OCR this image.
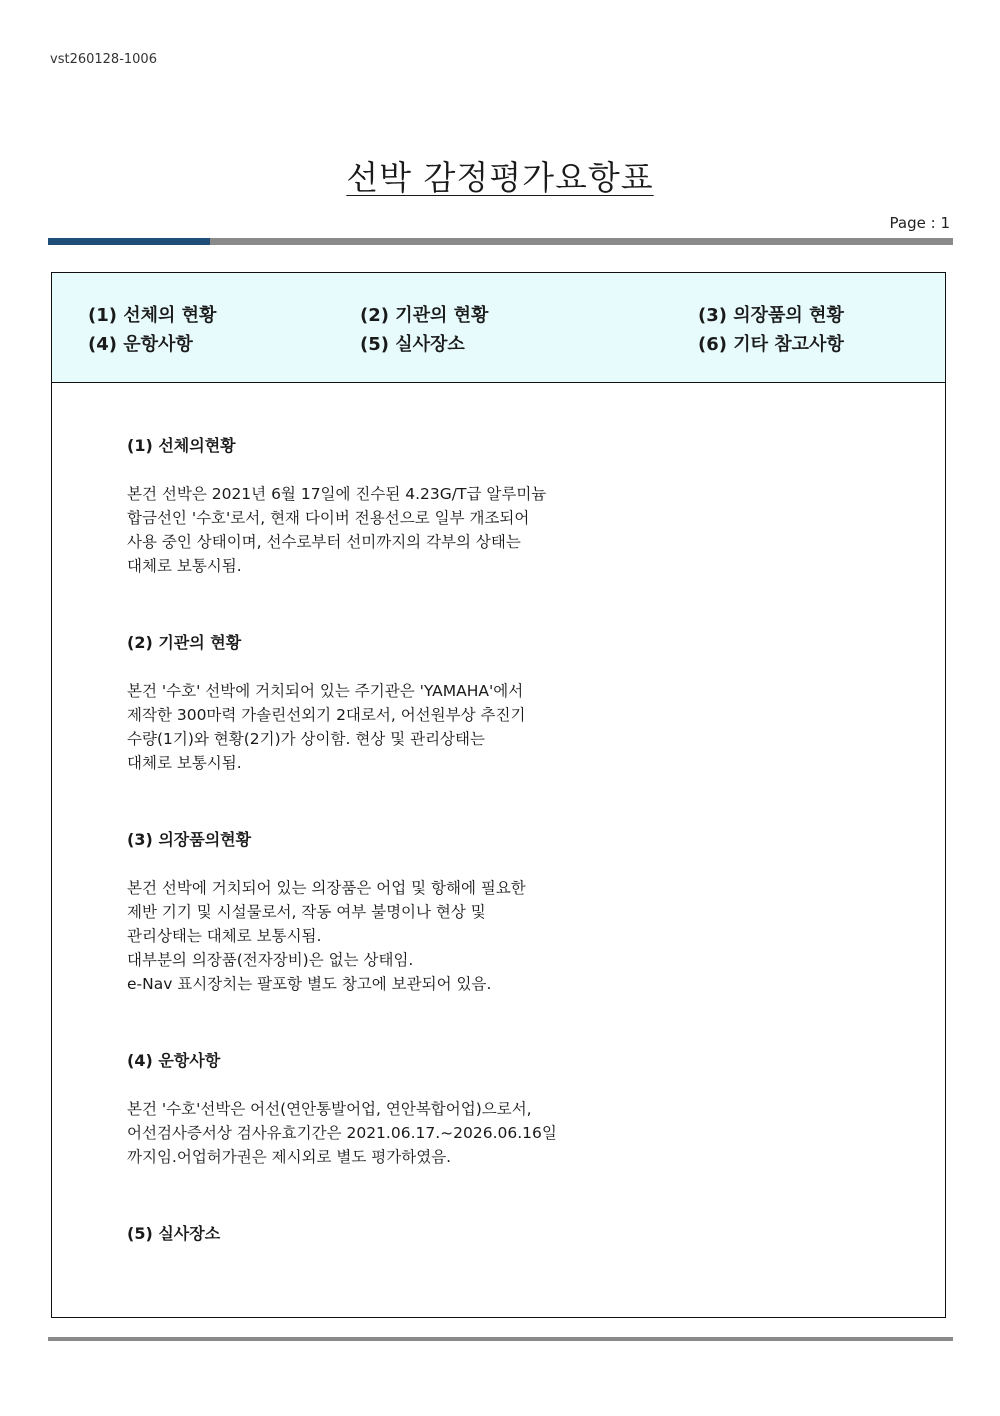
vst260128-1006
선박 감정평가요항표
Page : 1
(1) 선체의 현황	(2) 기관의 현황	(3) 의장품의 현황
(4) 운항사항	(5) 실사장소	(6) 기타 참고사항
(1) 선체의현황
본건 선박은 2021년 6월 17일에 진수된 4.23G/T급 알루미늄
합금선인 '수호'로서, 현재 다이버 전용선으로 일부 개조되어
사용 중인 상태이며, 선수로부터 선미까지의 각부의 상태는
대체로 보통시됨.
(2) 기관의 현황
본건 '수호' 선박에 거치되어 있는 주기관은 'YAMAHA'에서
제작한 300마력 가솔린선외기 2대로서, 어선원부상 추진기
수량(1기)와 현황(2기)가 상이함. 현상 및 관리상태는
대체로 보통시됨.
(3) 의장품의현황
본건 선박에 거치되어 있는 의장품은 어업 및 항해에 필요한
제반 기기 및 시설물로서, 작동 여부 불명이나 현상 및
관리상태는 대체로 보통시됨.
대부분의 의장품(전자장비)은 없는 상태임.
e-Nav 표시장치는 팔포항 별도 창고에 보관되어 있음.
(4) 운항사항
본건 '수호'선박은 어선(연안통발어업, 연안복합어업)으로서,
어선검사증서상 검사유효기간은 2021.06.17.~2026.06.16일
까지임.어업허가권은 제시외로 별도 평가하였음.
(5) 실사장소
